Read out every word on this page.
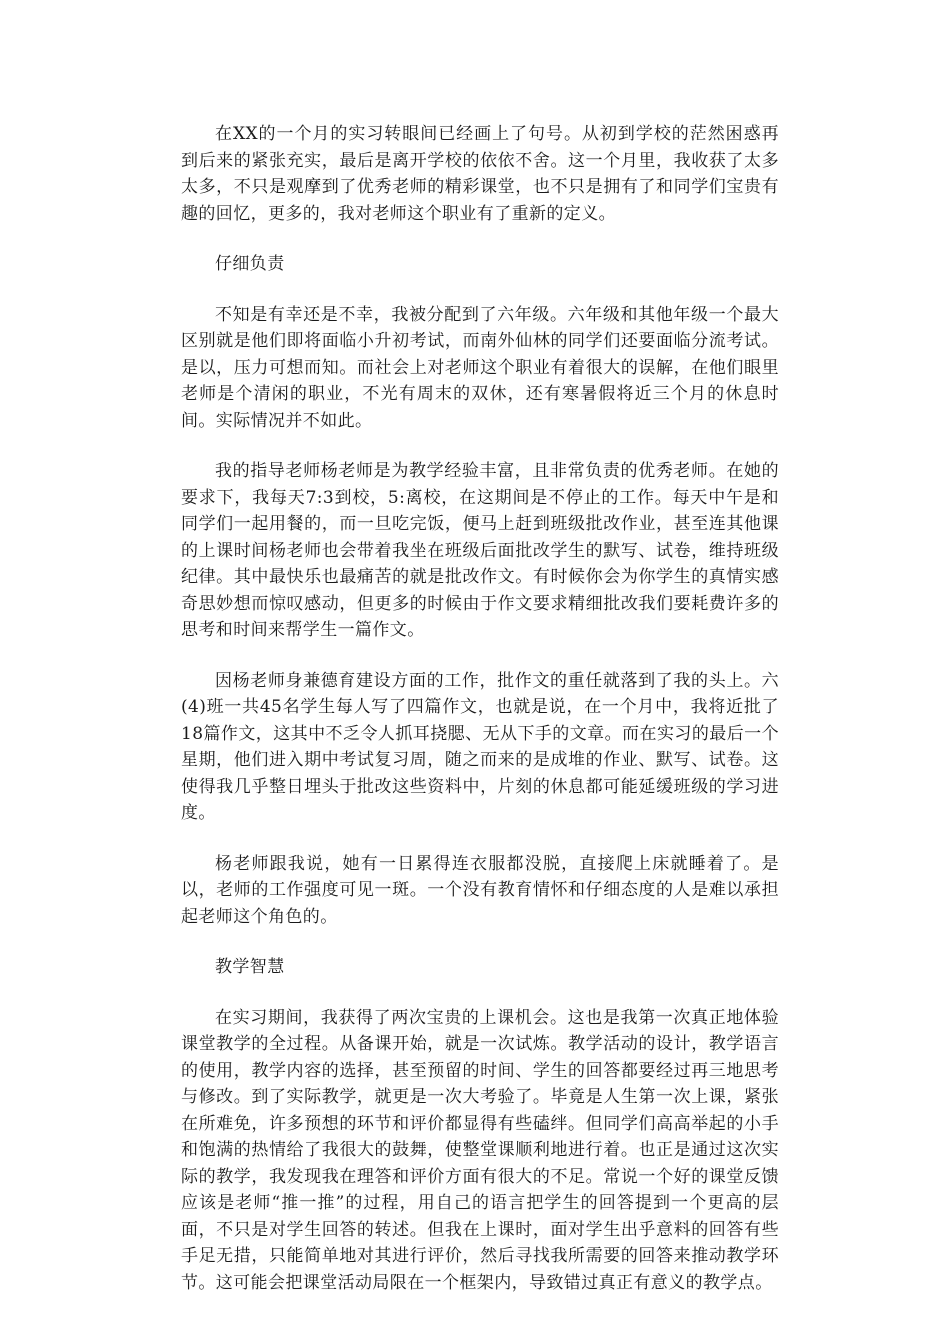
在XX的一个月的实习转眼间已经画上了句号。从初到学校的茫然困惑再到后来的紧张充实，最后是离开学校的依依不舍。这一个月里，我收获了太多太多，不只是观摩到了优秀老师的精彩课堂，也不只是拥有了和同学们宝贵有趣的回忆，更多的，我对老师这个职业有了重新的定义。

仔细负责

不知是有幸还是不幸，我被分配到了六年级。六年级和其他年级一个最大区别就是他们即将面临小升初考试，而南外仙林的同学们还要面临分流考试。是以，压力可想而知。而社会上对老师这个职业有着很大的误解，在他们眼里老师是个清闲的职业，不光有周末的双休，还有寒暑假将近三个月的休息时间。实际情况并不如此。

我的指导老师杨老师是为教学经验丰富，且非常负责的优秀老师。在她的要求下，我每天7:3到校，5:离校，在这期间是不停止的工作。每天中午是和同学们一起用餐的，而一旦吃完饭，便马上赶到班级批改作业，甚至连其他课的上课时间杨老师也会带着我坐在班级后面批改学生的默写、试卷，维持班级纪律。其中最快乐也最痛苦的就是批改作文。有时候你会为你学生的真情实感奇思妙想而惊叹感动，但更多的时候由于作文要求精细批改我们要耗费许多的思考和时间来帮学生一篇作文。

因杨老师身兼德育建设方面的工作，批作文的重任就落到了我的头上。六(4)班一共45名学生每人写了四篇作文，也就是说，在一个月中，我将近批了18篇作文，这其中不乏令人抓耳挠腮、无从下手的文章。而在实习的最后一个星期，他们进入期中考试复习周，随之而来的是成堆的作业、默写、试卷。这使得我几乎整日埋头于批改这些资料中，片刻的休息都可能延缓班级的学习进度。

杨老师跟我说，她有一日累得连衣服都没脱，直接爬上床就睡着了。是以，老师的工作强度可见一斑。一个没有教育情怀和仔细态度的人是难以承担起老师这个角色的。

教学智慧

在实习期间，我获得了两次宝贵的上课机会。这也是我第一次真正地体验课堂教学的全过程。从备课开始，就是一次试炼。教学活动的设计，教学语言的使用，教学内容的选择，甚至预留的时间、学生的回答都要经过再三地思考与修改。到了实际教学，就更是一次大考验了。毕竟是人生第一次上课，紧张在所难免，许多预想的环节和评价都显得有些磕绊。但同学们高高举起的小手和饱满的热情给了我很大的鼓舞，使整堂课顺利地进行着。也正是通过这次实际的教学，我发现我在理答和评价方面有很大的不足。常说一个好的课堂反馈应该是老师“推一推”的过程，用自己的语言把学生的回答提到一个更高的层面，不只是对学生回答的转述。但我在上课时，面对学生出乎意料的回答有些手足无措，只能简单地对其进行评价，然后寻找我所需要的回答来推动教学环节。这可能会把课堂活动局限在一个框架内，导致错过真正有意义的教学点。
